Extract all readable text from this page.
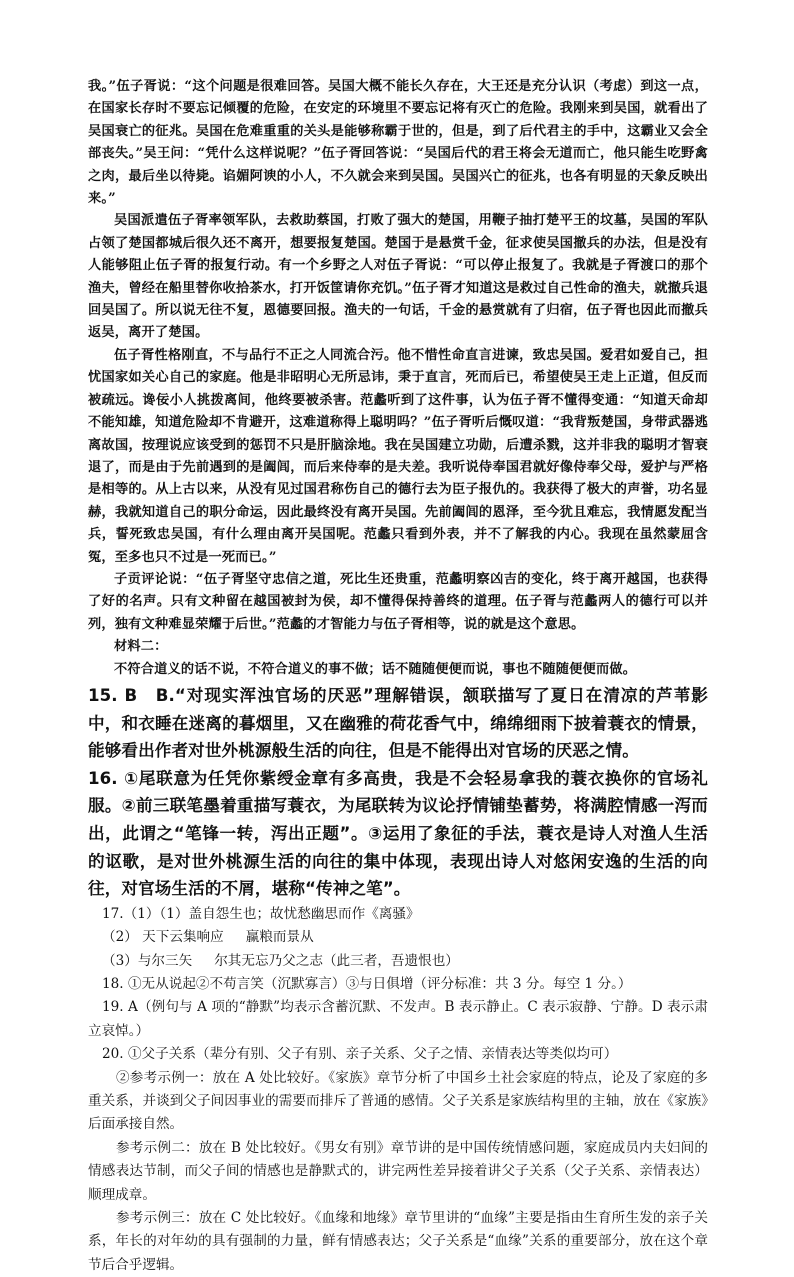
我。”伍子胥说：“这个问题是很难回答。吴国大概不能长久存在，大王还是充分认识（考虑）到这一点，在国家长存时不要忘记倾覆的危险，在安定的环境里不要忘记将有灭亡的危险。我刚来到吴国，就看出了吴国衰亡的征兆。吴国在危难重重的关头是能够称霸于世的，但是，到了后代君主的手中，这霸业又会全部丧失。”吴王问：“凭什么这样说呢？”伍子胥回答说：“吴国后代的君王将会无道而亡，他只能生吃野禽之肉，最后坐以待毙。谄媚阿谀的小人，不久就会来到吴国。吴国兴亡的征兆，也各有明显的天象反映出来。”

吴国派遣伍子胥率领军队，去救助蔡国，打败了强大的楚国，用鞭子抽打楚平王的坟墓，吴国的军队占领了楚国都城后很久还不离开，想要报复楚国。楚国于是悬赏千金，征求使吴国撤兵的办法，但是没有人能够阻止伍子胥的报复行动。有一个乡野之人对伍子胥说：“可以停止报复了。我就是子胥渡口的那个渔夫，曾经在船里替你收拾茶水，打开饭筐请你充饥。”伍子胥才知道这是救过自己性命的渔夫，就撤兵退回吴国了。所以说无往不复，恩德要回报。渔夫的一句话，千金的悬赏就有了归宿，伍子胥也因此而撤兵返吴，离开了楚国。

伍子胥性格刚直，不与品行不正之人同流合污。他不惜性命直言进谏，致忠吴国。爱君如爱自己，担忧国家如关心自己的家庭。他是非昭明心无所忌讳，秉于直言，死而后已，希望使吴王走上正道，但反而被疏远。谗佞小人挑拨离间，他终要被杀害。范蠡听到了这件事，认为伍子胥不懂得变通：“知道天命却不能知雄，知道危险却不肯避开，这难道称得上聪明吗？”伍子胥听后慨叹道：“我背叛楚国，身带武器逃离故国，按理说应该受到的惩罚不只是肝脑涂地。我在吴国建立功勋，后遭杀戮，这并非我的聪明才智衰退了，而是由于先前遇到的是阖闾，而后来侍奉的是夫差。我听说侍奉国君就好像侍奉父母，爱护与严格是相等的。从上古以来，从没有见过国君称伤自己的德行去为臣子报仇的。我获得了极大的声誉，功名显赫，我就知道自己的职分命运，因此最终没有离开吴国。先前阖闾的恩泽，至今犹且难忘，我情愿发配当兵，誓死致忠吴国，有什么理由离开吴国呢。范蠡只看到外表，并不了解我的内心。我现在虽然蒙屈含冤，至多也只不过是一死而已。”

子贡评论说：“伍子胥坚守忠信之道，死比生还贵重，范蠡明察凶吉的变化，终于离开越国，也获得了好的名声。只有文种留在越国被封为侯，却不懂得保持善终的道理。伍子胥与范蠡两人的德行可以并列，独有文种难显荣耀于后世。”范蠡的才智能力与伍子胥相等，说的就是这个意思。

材料二：

不符合道义的话不说，不符合道义的事不做；话不随随便便而说，事也不随随便便而做。

15. B　B.“对现实浑浊官场的厌恶”理解错误，颔联描写了夏日在清凉的芦苇影中，和衣睡在迷离的暮烟里，又在幽雅的荷花香气中，绵绵细雨下披着蓑衣的情景，能够看出作者对世外桃源般生活的向往，但是不能得出对官场的厌恶之情。

16. ①尾联意为任凭你紫绶金章有多高贵，我是不会轻易拿我的蓑衣换你的官场礼服。②前三联笔墨着重描写蓑衣，为尾联转为议论抒情铺垫蓄势，将满腔情感一泻而出，此谓之“笔锋一转，泻出正题”。③运用了象征的手法，蓑衣是诗人对渔人生活的讴歌，是对世外桃源生活的向往的集中体现，表现出诗人对悠闲安逸的生活的向往，对官场生活的不屑，堪称“传神之笔”。

17.（1）（1）盖自怨生也；故忧愁幽思而作《离骚》

（2） 天下云集响应 赢粮而景从

（3）与尔三矢 尔其无忘乃父之志（此三者，吾遗恨也）

18. ①无从说起②不苟言笑（沉默寡言）③与日俱增（评分标准：共 3 分。每空 1 分。）

19. A（例句与 A 项的“静默”均表示含蓄沉默、不发声。B 表示静止。C 表示寂静、宁静。D 表示肃立哀悼。）

20. ①父子关系（辈分有别、父子有别、亲子关系、父子之情、亲情表达等类似均可）

②参考示例一：放在 A 处比较好。《家族》章节分析了中国乡土社会家庭的特点，论及了家庭的多重关系，并谈到父子间因事业的需要而排斥了普通的感情。父子关系是家族结构里的主轴，放在《家族》后面承接自然。

参考示例二：放在 B 处比较好。《男女有别》章节讲的是中国传统情感问题，家庭成员内夫妇间的情感表达节制，而父子间的情感也是静默式的，讲完两性差异接着讲父子关系（父子关系、亲情表达）顺理成章。

参考示例三：放在 C 处比较好。《血缘和地缘》章节里讲的“血缘”主要是指由生育所生发的亲子关系，年长的对年幼的具有强制的力量，鲜有情感表达；父子关系是“血缘”关系的重要部分，放在这个章节后合乎逻辑。
